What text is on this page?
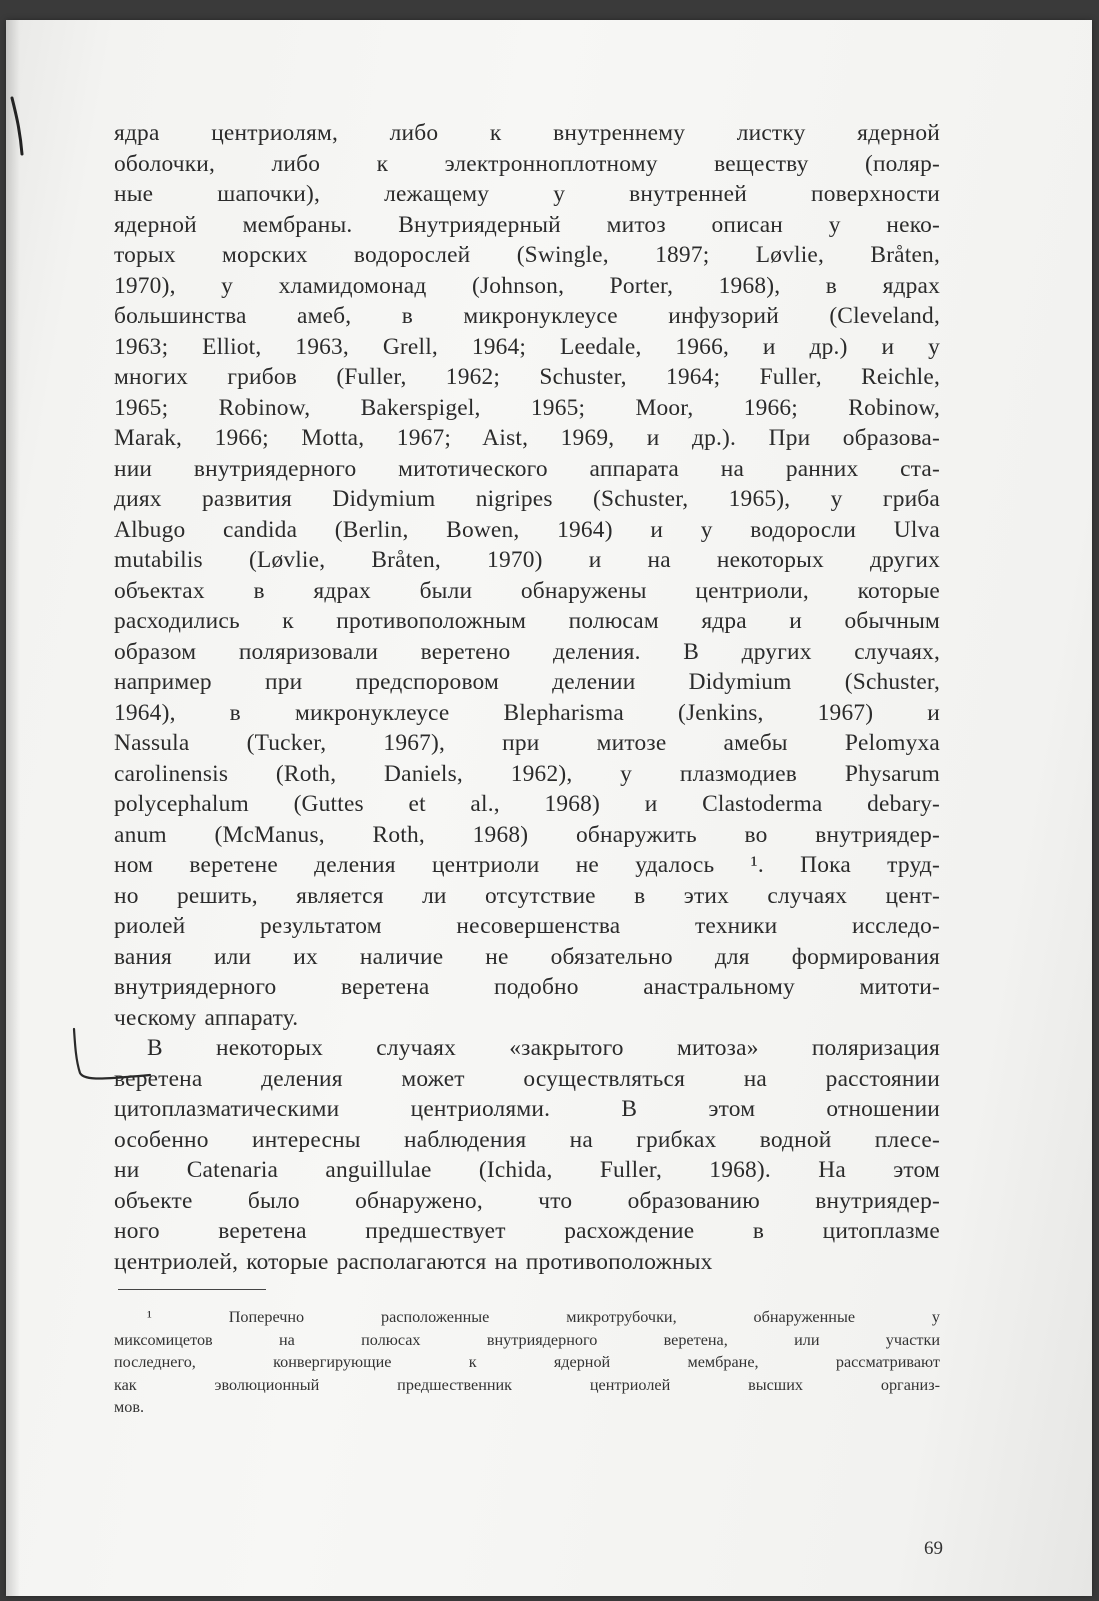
ядра центриолям, либо к внутреннему листку ядерной
оболочки, либо к электронноплотному веществу (поляр-
ные шапочки), лежащему у внутренней поверхности
ядерной мембраны. Внутриядерный митоз описан у неко-
торых морских водорослей (Swingle, 1897; Løvlie, Bråten,
1970), у хламидомонад (Johnson, Porter, 1968), в ядрах
большинства амеб, в микронуклеусе инфузорий (Cleveland,
1963; Elliot, 1963, Grell, 1964; Leedale, 1966, и др.) и у
многих грибов (Fuller, 1962; Schuster, 1964; Fuller, Reichle,
1965; Robinow, Bakerspigel, 1965; Moor, 1966; Robinow,
Marak, 1966; Motta, 1967; Aist, 1969, и др.). При образова-
нии внутриядерного митотического аппарата на ранних ста-
диях развития Didymium nigripes (Schuster, 1965), у гриба
Albugo candida (Berlin, Bowen, 1964) и у водоросли Ulva
mutabilis (Løvlie, Bråten, 1970) и на некоторых других
объектах в ядрах были обнаружены центриоли, которые
расходились к противоположным полюсам ядра и обычным
образом поляризовали веретено деления. В других случаях,
например при предспоровом делении Didymium (Schuster,
1964), в микронуклеусе Blepharisma (Jenkins, 1967) и
Nassula (Tucker, 1967), при митозе амебы Pelomyxa
carolinensis (Roth, Daniels, 1962), у плазмодиев Physarum
polycephalum (Guttes et al., 1968) и Clastoderma debary-
anum (McManus, Roth, 1968) обнаружить во внутриядер-
ном веретене деления центриоли не удалось ¹. Пока труд-
но решить, является ли отсутствие в этих случаях цент-
риолей результатом несовершенства техники исследо-
вания или их наличие не обязательно для формирования
внутриядерного веретена подобно анастральному митоти-
ческому аппарату.
В некоторых случаях «закрытого митоза» поляризация
веретена деления может осуществляться на расстоянии
цитоплазматическими центриолями. В этом отношении
особенно интересны наблюдения на грибках водной плесе-
ни Catenaria anguillulae (Ichida, Fuller, 1968). На этом
объекте было обнаружено, что образованию внутриядер-
ного веретена предшествует расхождение в цитоплазме
центриолей, которые располагаются на противоположных
¹ Поперечно расположенные микротрубочки, обнаруженные у
миксомицетов на полюсах внутриядерного веретена, или участки
последнего, конвергирующие к ядерной мембране, рассматривают
как эволюционный предшественник центриолей высших организ-
мов.
69
